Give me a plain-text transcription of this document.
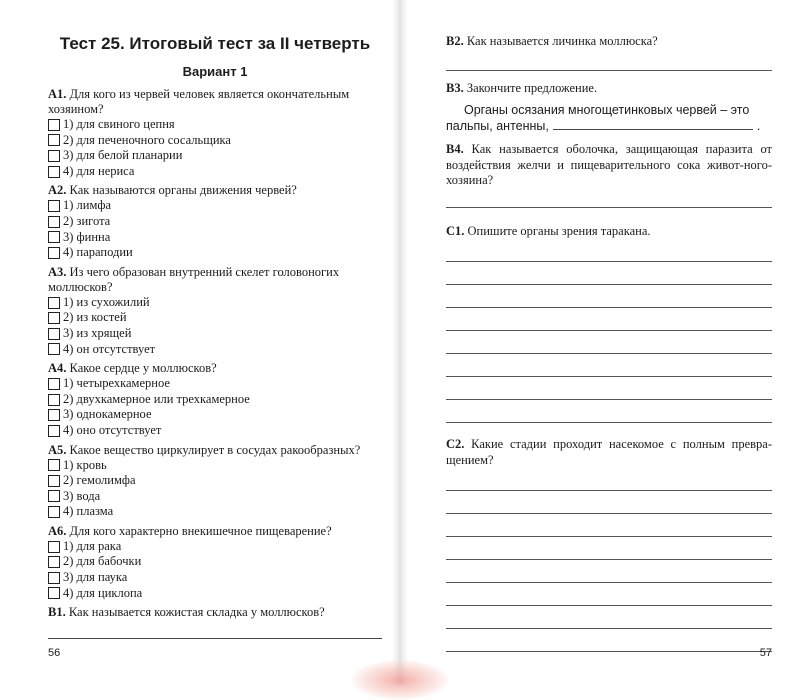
Тест 25. Итоговый тест за II четверть
Вариант 1
А1. Для кого из червей человек является окончательным хозяином?
1) для свиного цепня
2) для печеночного сосальщика
3) для белой планарии
4) для нериса
А2. Как называются органы движения червей?
1) лимфа
2) зигота
3) финна
4) параподии
А3. Из чего образован внутренний скелет головоногих моллюсков?
1) из сухожилий
2) из костей
3) из хрящей
4) он отсутствует
А4. Какое сердце у моллюсков?
1) четырехкамерное
2) двухкамерное или трехкамерное
3) однокамерное
4) оно отсутствует
А5. Какое вещество циркулирует в сосудах ракообразных?
1) кровь
2) гемолимфа
3) вода
4) плазма
А6. Для кого характерно внекишечное пищеварение?
1) для рака
2) для бабочки
3) для паука
4) для циклопа
В1. Как называется кожистая складка у моллюсков?
56
В2. Как называется личинка моллюска?
В3. Закончите предложение.
Органы осязания многощетинковых червей – это пальпы, антенны,	.
В4. Как называется оболочка, защищающая паразита от воздействия желчи и пищеварительного сока живот-ного-хозяина?
С1. Опишите органы зрения таракана.
С2. Какие стадии проходит насекомое с полным превра-щением?
57
